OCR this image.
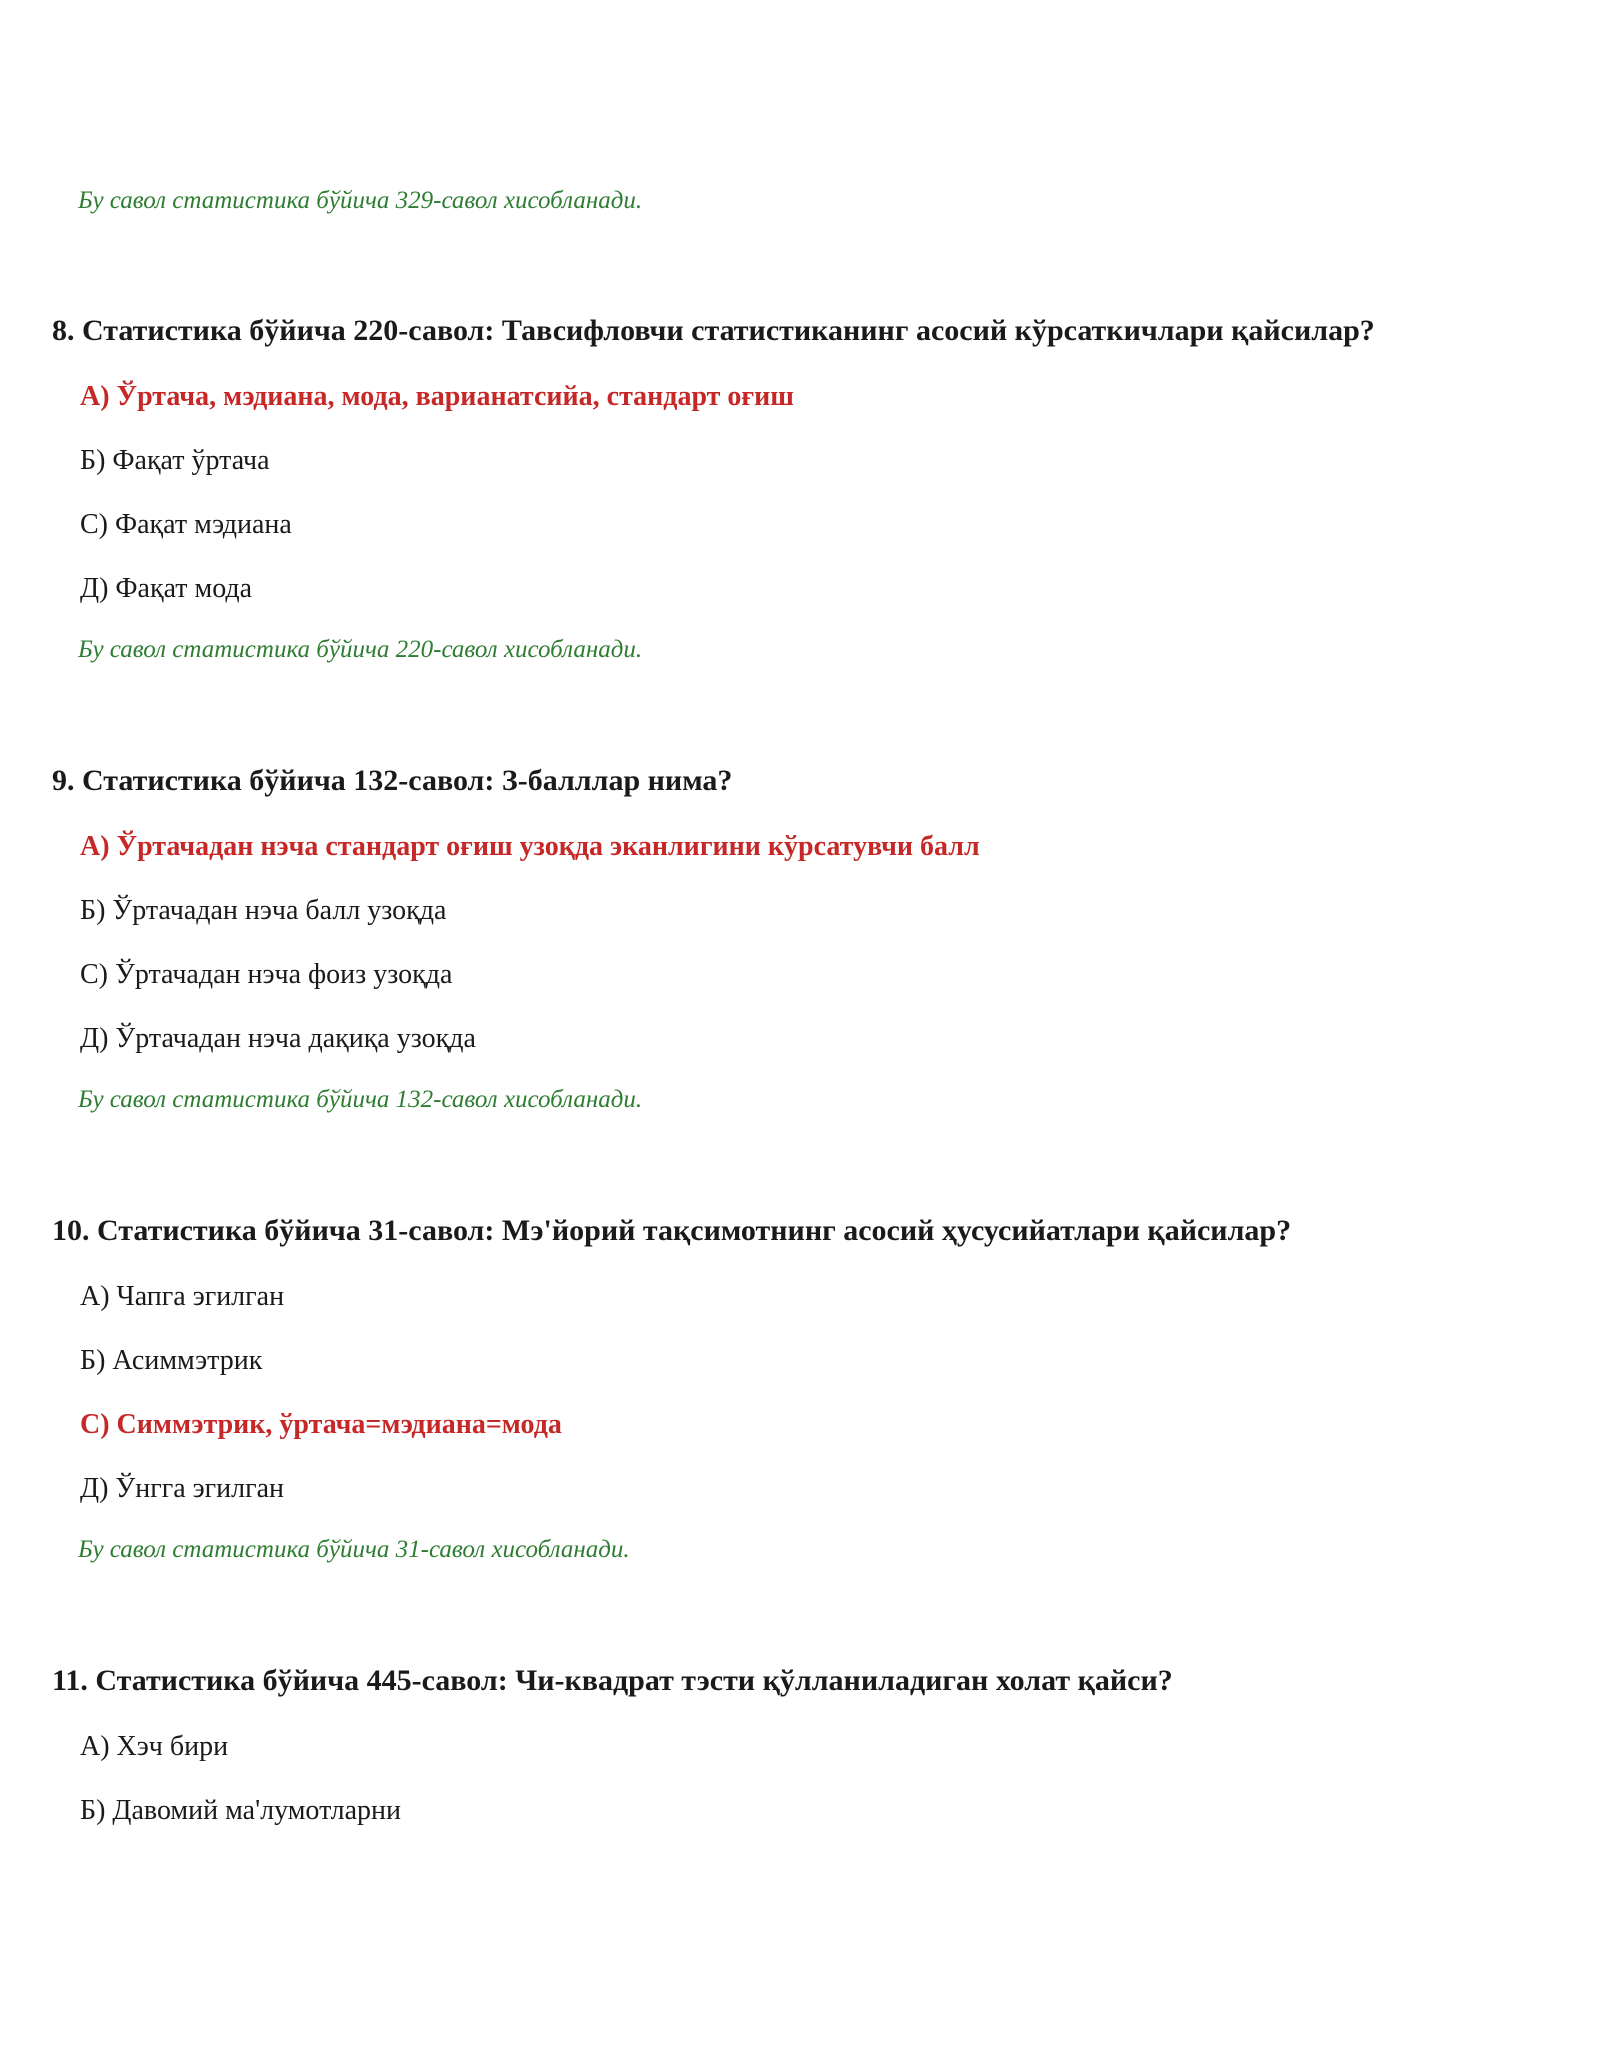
Бу савол статистика бўйича 329-савол хисобланади.
8. Статистика бўйича 220-савол: Тавсифловчи статистиканинг асосий кўрсаткичлари қайсилар?
А) Ўртача, мэдиана, мода, варианатсийа, стандарт оғиш
Б) Фақат ўртача
С) Фақат мэдиана
Д) Фақат мода
Бу савол статистика бўйича 220-савол хисобланади.
9. Статистика бўйича 132-савол: З-балллар нима?
А) Ўртачадан нэча стандарт оғиш узоқда эканлигини кўрсатувчи балл
Б) Ўртачадан нэча балл узоқда
С) Ўртачадан нэча фоиз узоқда
Д) Ўртачадан нэча дақиқа узоқда
Бу савол статистика бўйича 132-савол хисобланади.
10. Статистика бўйича 31-савол: Мэ'йорий тақсимотнинг асосий ҳусусийатлари қайсилар?
А) Чапга эгилган
Б) Асиммэтрик
С) Симмэтрик, ўртача=мэдиана=мода
Д) Ўнгга эгилган
Бу савол статистика бўйича 31-савол хисобланади.
11. Статистика бўйича 445-савол: Чи-квадрат тэсти қўлланиладиган холат қайси?
А) Хэч бири
Б) Давомий ма'лумотларни
